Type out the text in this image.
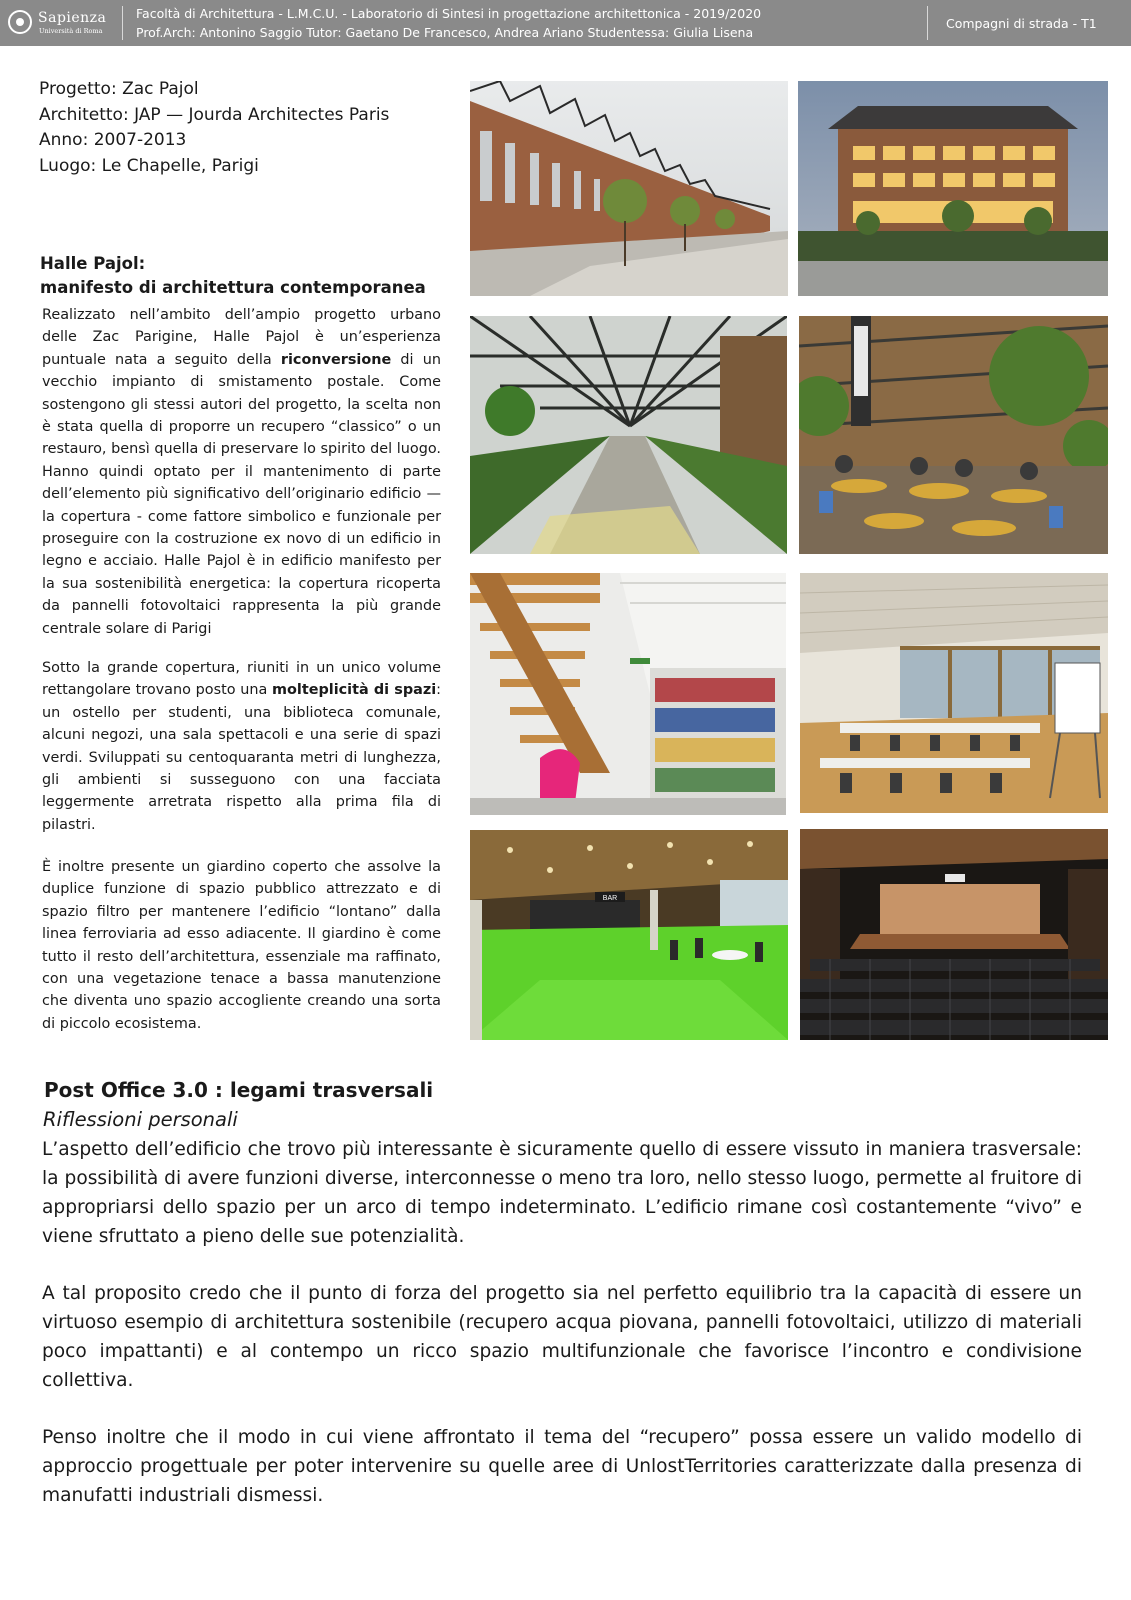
Sapienza
Università di Roma
Facoltà di Architettura - L.M.C.U. - Laboratorio di Sintesi in progettazione architettonica - 2019/2020
Prof.Arch: Antonino Saggio Tutor: Gaetano De Francesco, Andrea Ariano Studentessa: Giulia Lisena
Compagni di strada - T1
Progetto: Zac Pajol
Architetto: JAP — Jourda Architectes Paris
Anno: 2007-2013
Luogo: Le Chapelle, Parigi
Halle Pajol:
manifesto di architettura contemporanea
Realizzato nell’ambito dell’ampio progetto urbano delle Zac Parigine, Halle Pajol è un’esperienza puntuale nata a seguito della riconversione di un vecchio impianto di smistamento postale. Come sostengono gli stessi autori del progetto, la scelta non è stata quella di proporre un recupero “classico” o un restauro, bensì quella di preservare lo spirito del luogo. Hanno quindi optato per il mantenimento di parte dell’elemento più significativo dell’originario edificio — la copertura - come fattore simbolico e funzionale per proseguire con la costruzione ex novo di un edificio in legno e acciaio. Halle Pajol è in edificio manifesto per la sua sostenibilità energetica: la copertura ricoperta da pannelli fotovoltaici rappresenta la più grande centrale solare di Parigi
Sotto la grande copertura, riuniti in un unico volume rettangolare trovano posto una molteplicità di spazi: un ostello per studenti, una biblioteca comunale, alcuni negozi, una sala spettacoli e una serie di spazi verdi. Sviluppati su centoquaranta metri di lunghezza, gli ambienti si susseguono con una facciata leggermente arretrata rispetto alla prima fila di pilastri.
È inoltre presente un giardino coperto che assolve la duplice funzione di spazio pubblico attrezzato e di spazio filtro per mantenere l’edificio “lontano” dalla linea ferroviaria ad esso adiacente. Il giardino è come tutto il resto dell’architettura, essenziale ma raffinato, con una vegetazione tenace a bassa manutenzione che diventa uno spazio accogliente creando una sorta di piccolo ecosistema.
BAR
Post Office 3.0 : legami trasversali
Riflessioni personali
L’aspetto dell’edificio che trovo più interessante è sicuramente quello di essere vissuto in maniera trasversale: la possibilità di avere funzioni diverse, interconnesse o meno tra loro, nello stesso luogo, permette al fruitore di appropriarsi dello spazio per un arco di tempo indeterminato. L’edificio rimane così costantemente “vivo” e viene sfruttato a pieno delle sue potenzialità.
A tal proposito credo che il punto di forza del progetto sia nel perfetto equilibrio tra la capacità di essere un virtuoso esempio di architettura sostenibile (recupero acqua piovana, pannelli fotovoltaici, utilizzo di materiali poco impattanti) e al contempo un ricco spazio multifunzionale che favorisce l’incontro e condivisione collettiva.
Penso inoltre che il modo in cui viene affrontato il tema del “recupero” possa essere un valido modello di approccio progettuale per poter intervenire su quelle aree di UnlostTerritories caratterizzate dalla presenza di manufatti industriali dismessi.
